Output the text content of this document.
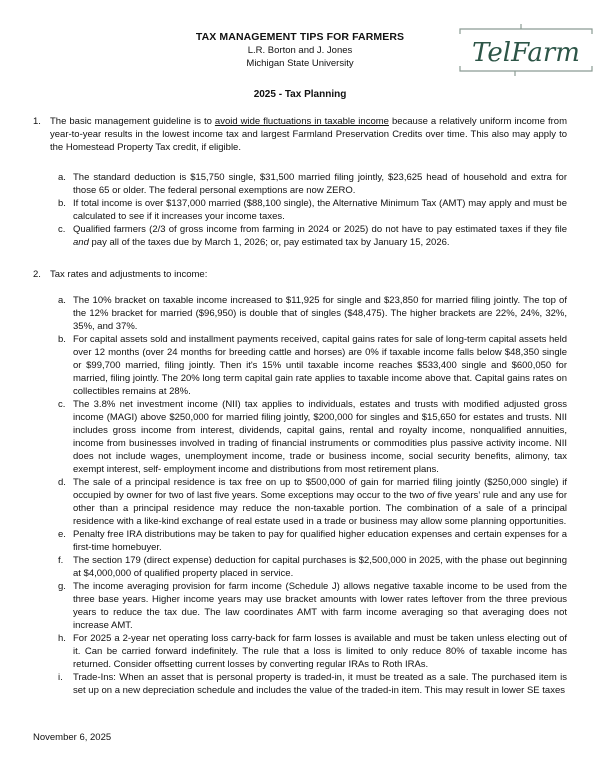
TelFarm
TAX MANAGEMENT TIPS FOR FARMERS
L.R. Borton and J. Jones
Michigan State University
2025 - Tax Planning
1. The basic management guideline is to avoid wide fluctuations in taxable income because a relatively uniform income from year-to-year results in the lowest income tax and largest Farmland Preservation Credits over time. This also may apply to the Homestead Property Tax credit, if eligible.
a. The standard deduction is $15,750 single, $31,500 married filing jointly, $23,625 head of household and extra for those 65 or older. The federal personal exemptions are now ZERO.
b. If total income is over $137,000 married ($88,100 single), the Alternative Minimum Tax (AMT) may apply and must be calculated to see if it increases your income taxes.
c. Qualified farmers (2/3 of gross income from farming in 2024 or 2025) do not have to pay estimated taxes if they file and pay all of the taxes due by March 1, 2026; or, pay estimated tax by January 15, 2026.
2. Tax rates and adjustments to income:
a. The 10% bracket on taxable income increased to $11,925 for single and $23,850 for married filing jointly. The top of the 12% bracket for married ($96,950) is double that of singles ($48,475). The higher brackets are 22%, 24%, 32%, 35%, and 37%.
b. For capital assets sold and installment payments received, capital gains rates for sale of long-term capital assets held over 12 months (over 24 months for breeding cattle and horses) are 0% if taxable income falls below $48,350 single or $99,700 married, filing jointly. Then it's 15% until taxable income reaches $533,400 single and $600,050 for married, filing jointly. The 20% long term capital gain rate applies to taxable income above that. Capital gains rates on collectibles remains at 28%.
c. The 3.8% net investment income (NII) tax applies to individuals, estates and trusts with modified adjusted gross income (MAGI) above $250,000 for married filing jointly, $200,000 for singles and $15,650 for estates and trusts. NII includes gross income from interest, dividends, capital gains, rental and royalty income, nonqualified annuities, income from businesses involved in trading of financial instruments or commodities plus passive activity income. NII does not include wages, unemployment income, trade or business income, social security benefits, alimony, tax exempt interest, self- employment income and distributions from most retirement plans.
d. The sale of a principal residence is tax free on up to $500,000 of gain for married filing jointly ($250,000 single) if occupied by owner for two of last five years. Some exceptions may occur to the two of five years’ rule and any use for other than a principal residence may reduce the non-taxable portion. The combination of a sale of a principal residence with a like-kind exchange of real estate used in a trade or business may allow some planning opportunities.
e. Penalty free IRA distributions may be taken to pay for qualified higher education expenses and certain expenses for a first-time homebuyer.
f.	The section 179 (direct expense) deduction for capital purchases is $2,500,000 in 2025, with the phase out beginning at $4,000,000 of qualified property placed in service.
g. The income averaging provision for farm income (Schedule J) allows negative taxable income to be used from the three base years. Higher income years may use bracket amounts with lower rates leftover from the three previous years to reduce the tax due. The law coordinates AMT with farm income averaging so that averaging does not increase AMT.
h. For 2025 a 2-year net operating loss carry-back for farm losses is available and must be taken unless electing out of it. Can be carried forward indefinitely. The rule that a loss is limited to only reduce 80% of taxable income has returned. Consider offsetting current losses by converting regular IRAs to Roth IRAs.
i.	Trade-Ins: When an asset that is personal property is traded-in, it must be treated as a sale. The purchased item is set up on a new depreciation schedule and includes the value of the traded-in item. This may result in lower SE taxes
November 6, 2025
